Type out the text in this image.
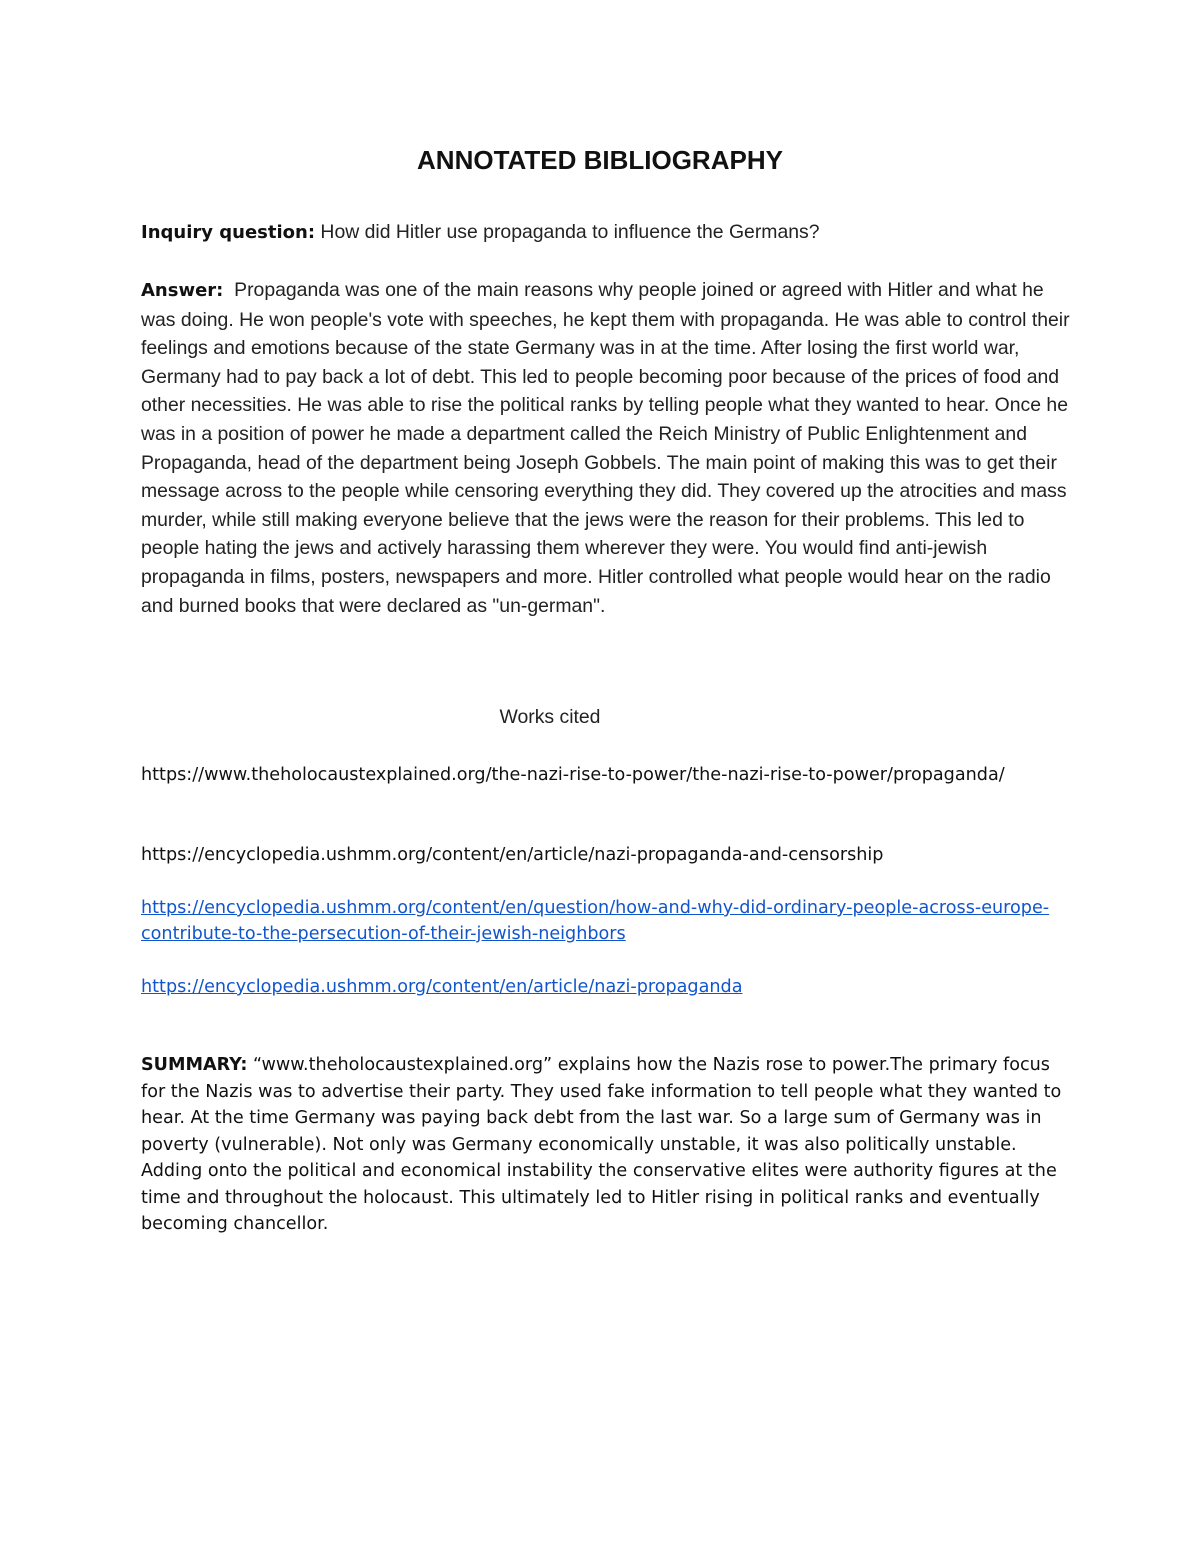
ANNOTATED BIBLIOGRAPHY

Inquiry question: How did Hitler use propaganda to influence the Germans?

Answer:  Propaganda was one of the main reasons why people joined or agreed with Hitler and what he was doing. He won people's vote with speeches, he kept them with propaganda. He was able to control their feelings and emotions because of the state Germany was in at the time. After losing the first world war, Germany had to pay back a lot of debt. This led to people becoming poor because of the prices of food and other necessities. He was able to rise the political ranks by telling people what they wanted to hear. Once he was in a position of power he made a department called the Reich Ministry of Public Enlightenment and Propaganda, head of the department being Joseph Gobbels. The main point of making this was to get their message across to the people while censoring everything they did. They covered up the atrocities and mass murder, while still making everyone believe that the jews were the reason for their problems. This led to people hating the jews and actively harassing them wherever they were. You would find anti-jewish propaganda in films, posters, newspapers and more. Hitler controlled what people would hear on the radio and burned books that were declared as "un-german".

Works cited

https://www.theholocaustexplained.org/the-nazi-rise-to-power/the-nazi-rise-to-power/propaganda/

https://encyclopedia.ushmm.org/content/en/article/nazi-propaganda-and-censorship

https://encyclopedia.ushmm.org/content/en/question/how-and-why-did-ordinary-people-across-europe-contribute-to-the-persecution-of-their-jewish-neighbors
https://encyclopedia.ushmm.org/content/en/article/nazi-propaganda

SUMMARY: “www.theholocaustexplained.org” explains how the Nazis rose to power.The primary focus for the Nazis was to advertise their party. They used fake information to tell people what they wanted to hear. At the time Germany was paying back debt from the last war. So a large sum of Germany was in poverty (vulnerable). Not only was Germany economically unstable, it was also politically unstable. Adding onto the political and economical instability the conservative elites were authority figures at the time and throughout the holocaust. This ultimately led to Hitler rising in political ranks and eventually becoming chancellor.
